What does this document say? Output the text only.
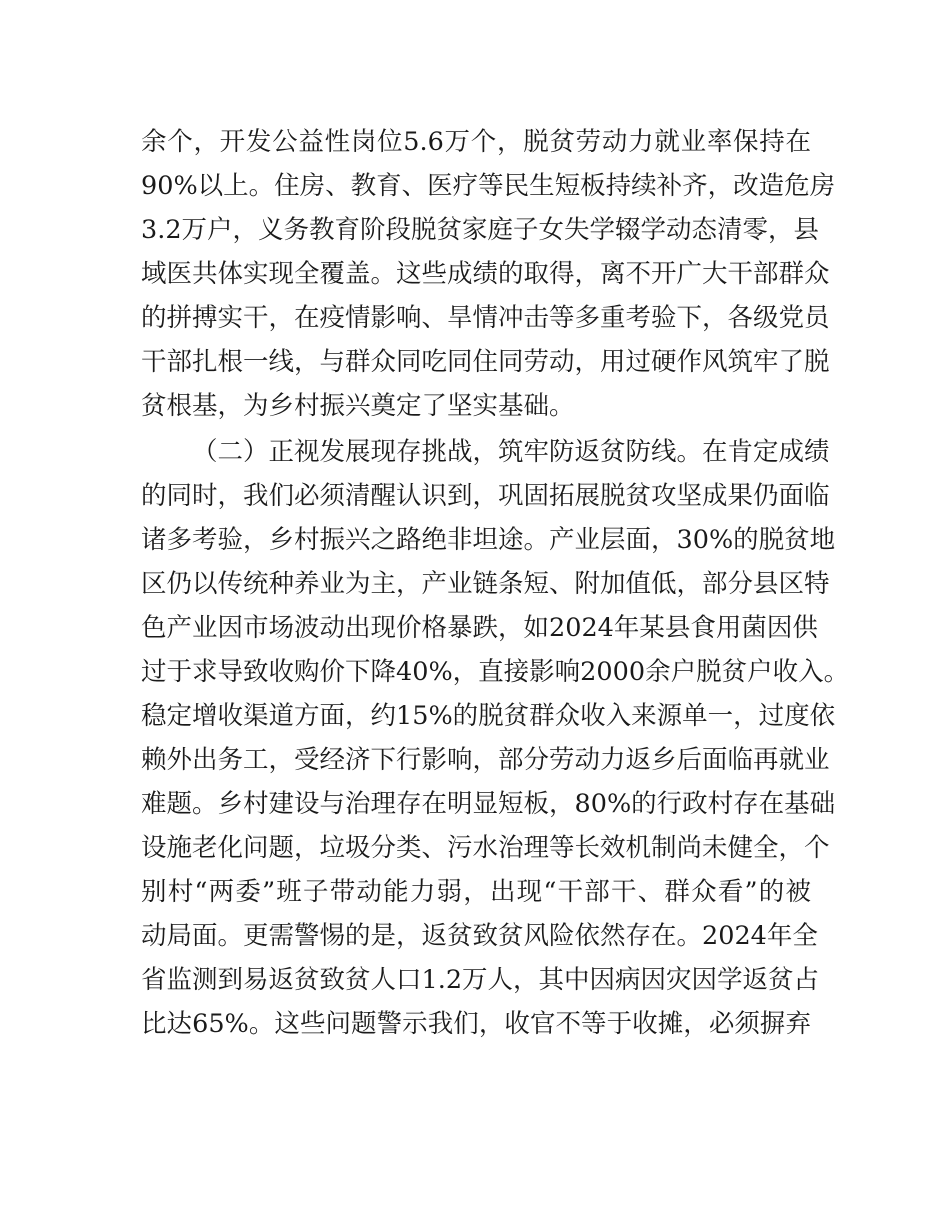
余个，开发公益性岗位5.6万个，脱贫劳动力就业率保持在
90%以上。住房、教育、医疗等民生短板持续补齐，改造危房
3.2万户，义务教育阶段脱贫家庭子女失学辍学动态清零，县
域医共体实现全覆盖。这些成绩的取得，离不开广大干部群众
的拼搏实干，在疫情影响、旱情冲击等多重考验下，各级党员
干部扎根一线，与群众同吃同住同劳动，用过硬作风筑牢了脱
贫根基，为乡村振兴奠定了坚实基础。
（二）正视发展现存挑战，筑牢防返贫防线。在肯定成绩
的同时，我们必须清醒认识到，巩固拓展脱贫攻坚成果仍面临
诸多考验，乡村振兴之路绝非坦途。产业层面，30%的脱贫地
区仍以传统种养业为主，产业链条短、附加值低，部分县区特
色产业因市场波动出现价格暴跌，如2024年某县食用菌因供
过于求导致收购价下降40%，直接影响2000余户脱贫户收入。
稳定增收渠道方面，约15%的脱贫群众收入来源单一，过度依
赖外出务工，受经济下行影响，部分劳动力返乡后面临再就业
难题。乡村建设与治理存在明显短板，80%的行政村存在基础
设施老化问题，垃圾分类、污水治理等长效机制尚未健全，个
别村“两委”班子带动能力弱，出现“干部干、群众看”的被
动局面。更需警惕的是，返贫致贫风险依然存在。2024年全
省监测到易返贫致贫人口1.2万人，其中因病因灾因学返贫占
比达65%。这些问题警示我们，收官不等于收摊，必须摒弃
